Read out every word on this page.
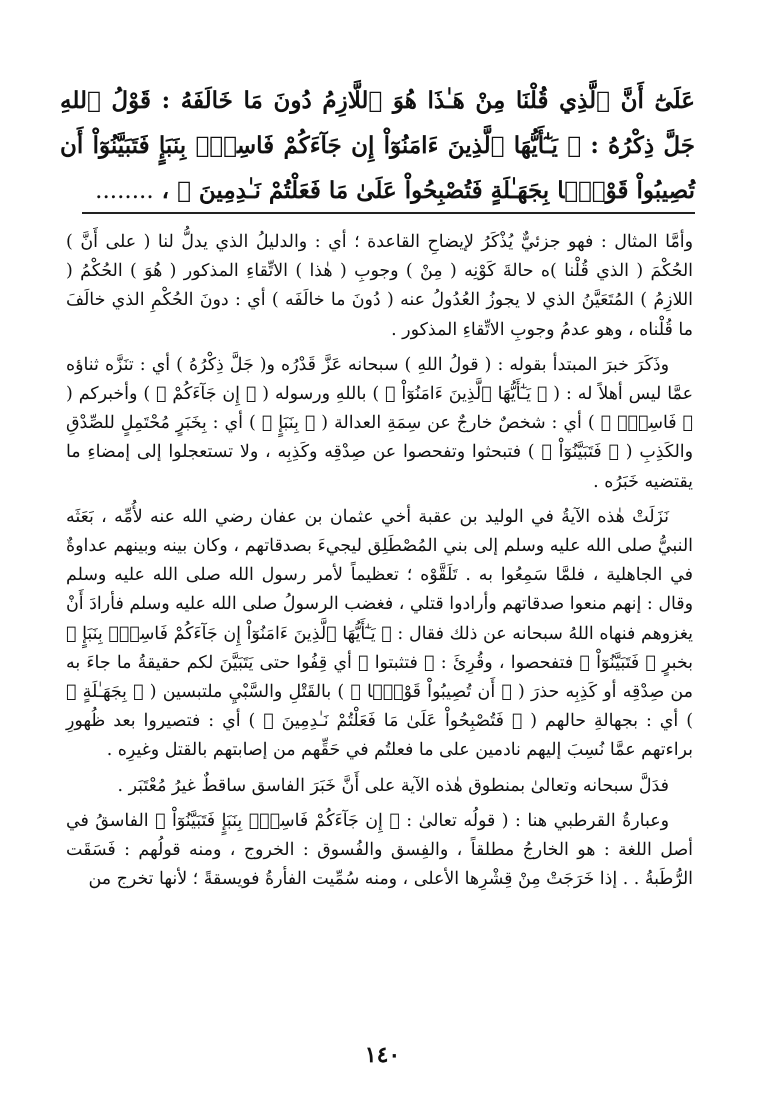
عَلَىٰٓ أَنَّ ٱلَّذِي قُلْنَا مِنْ هَـٰذَا هُوَ ٱللَّازِمُ دُونَ مَا خَالَفَهُ : قَوْلُ ٱللهِ جَلَّ ذِكْرُهُ : ﴿ يَـٰٓأَيُّهَا ٱلَّذِينَ ءَامَنُوٓاْ إِن جَآءَكُمْ فَاسِقُۢ بِنَبَإٍ فَتَبَيَّنُوٓاْ أَن تُصِيبُواْ قَوْمًۢا بِجَهَـٰلَةٍ فَتُصْبِحُواْ عَلَىٰ مَا فَعَلْتُمْ نَـٰدِمِينَ ﴾ ، ........

وأمَّا المثال : فهو جزئيٌّ يُذْكَرُ لإيضاحِ القاعدة ؛ أي : والدليلُ الذي يدلُّ لنا ( على أَنَّ ) الحُكْمَ ( الذي قُلْنا )ه حالةَ كَوْنِه ( مِنْ ) وجوبِ ( هٰذا ) الاتِّقاءِ المذكور ( هُوَ ) الحُكْمُ ( اللازِمُ ) المُتَعَيَّنُ الذي لا يجوزُ العُدُولُ عنه ( دُونَ ما خالَفَه ) أي : دونَ الحُكْمِ الذي خالَفَ ما قُلْناه ، وهو عدمُ وجوبِ الاتِّقاءِ المذكور .

وذَكَرَ خبرَ المبتدأ بقوله : ( قولُ اللهِ ) سبحانه عَزَّ قَدْرُه و( جَلَّ ذِكْرُهُ ) أي : تنَزَّه ثناؤه عمَّا ليس أهلاً له : ( ﴿ يَـٰٓأَيُّهَا ٱلَّذِينَ ءَامَنُوٓاْ ﴾ ) باللهِ ورسوله ( ﴿ إِن جَآءَكُمْ ﴾ ) وأخبركم ( ﴿ فَاسِقُۢ ﴾ ) أي : شخصٌ خارجٌ عن سِمَةِ العدالة ( ﴿ بِنَبَإٍ ﴾ ) أي : بِخَبَرٍ مُحْتَمِلٍ للصِّدْقِ والكَذِبِ ( ﴿ فَتَبَيَّنُوٓاْ ﴾ ) فتبحثوا وتفحصوا عن صِدْقِه وكَذِبِه ، ولا تستعجلوا إلى إمضاءِ ما يقتضيه خَبَرُه .

نَزَلَتْ هٰذه الآيةُ في الوليد بن عقبة أخي عثمان بن عفان رضي الله عنه لأُمِّه ، بَعَثَه النبيُّ صلى الله عليه وسلم إلى بني المُصْطَلِق ليجيءَ بصدقاتهم ، وكان بينه وبينهم عداوةٌ في الجاهلية ، فلمَّا سَمِعُوا به . تَلَقَّوْه ؛ تعظيماً لأمر رسول الله صلى الله عليه وسلم وقال : إنهم منعوا صدقاتهم وأرادوا قتلي ، فغضب الرسولُ صلى الله عليه وسلم فأرادَ أَنْ يغزوهم فنهاه اللهُ سبحانه عن ذلك فقال : ﴿ يَـٰٓأَيُّهَا ٱلَّذِينَ ءَامَنُوٓاْ إِن جَآءَكُمْ فَاسِقُۢ بِنَبَإٍ ﴾ بخبرٍ ﴿ فَتَبَيَّنُوٓاْ ﴾ فتفحصوا ، وقُرِئَ : ﴿ فتثبتوا ﴾ أي قِفُوا حتى يَتَبَيَّنَ لكم حقيقةُ ما جاءَ به من صِدْقِه أو كَذِبِه حذرَ ( ﴿ أَن تُصِيبُواْ قَوْمًۢا ﴾ ) بالقَتْلِ والسَّبْيِ ملتبسين ( ﴿ بِجَهَـٰلَةٍ ﴾ ) أي : بجهالةِ حالهم ( ﴿ فَتُصْبِحُواْ عَلَىٰ مَا فَعَلْتُمْ نَـٰدِمِينَ ﴾ ) أي : فتصيروا بعد ظُهورِ براءتهم عمَّا نُسِبَ إليهم نادمين على ما فعلتُم في حَقِّهم من إصابتهم بالقتل وغيرِه .

فدَلَّ سبحانه وتعالىٰ بمنطوق هٰذه الآية على أَنَّ خَبَرَ الفاسق ساقطٌ غيرُ مُعْتَبَر .

وعبارةُ القرطبي هنا : ( قولُه تعالىٰ : ﴿ إِن جَآءَكُمْ فَاسِقُۢ بِنَبَإٍ فَتَبَيَّنُوٓاْ ﴾ الفاسقُ في أصل اللغة : هو الخارجُ مطلقاً ، والفِسق والفُسوق : الخروج ، ومنه قولُهم : فَسَقَت الرُّطَبةُ . . إذا خَرَجَتْ مِنْ قِشْرِها الأعلى ، ومنه سُمِّيت الفأرةُ فويسقةً ؛ لأنها تخرج من

١٤٠
